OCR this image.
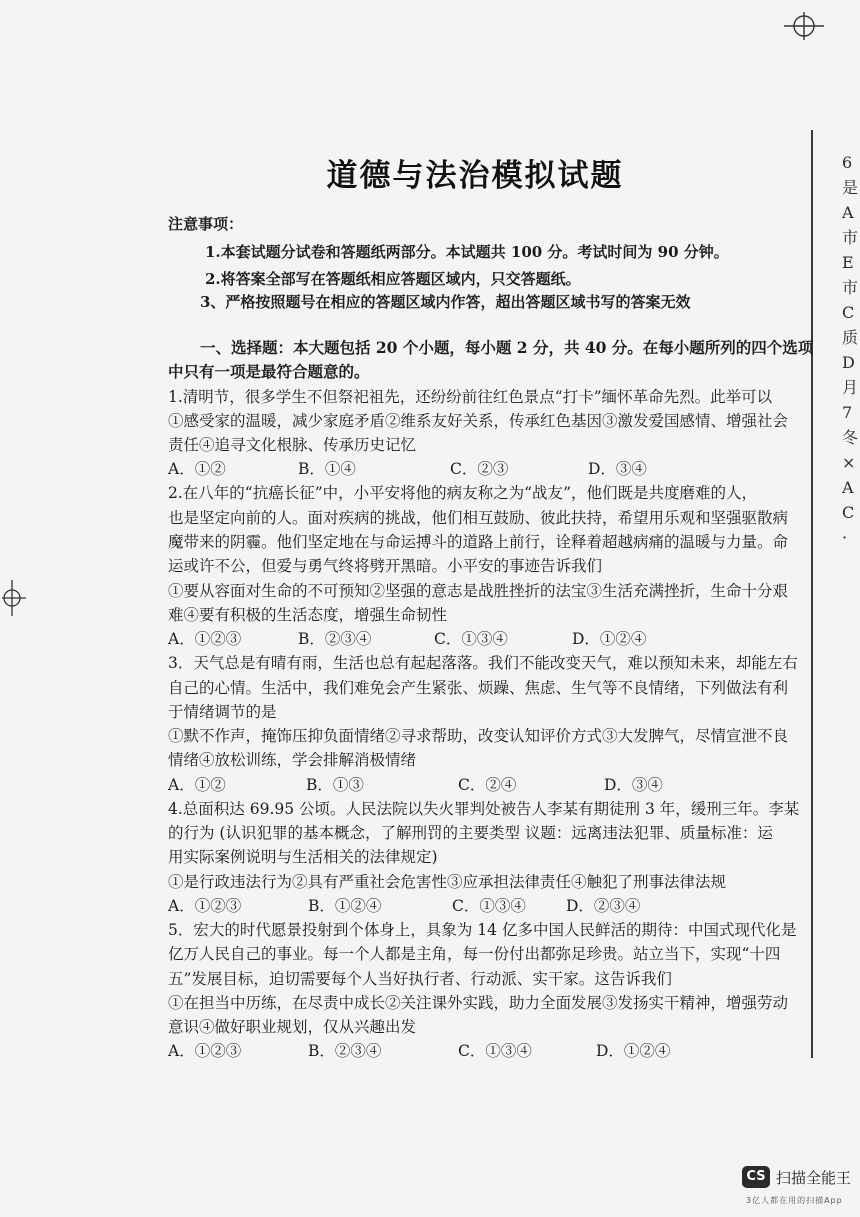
6
是
A
市
E
市
C
质
D
月
7
冬
×
A
C
·
道德与法治模拟试题
注意事项：
1.本套试题分试卷和答题纸两部分。本试题共 100 分。考试时间为 90 分钟。
2.将答案全部写在答题纸相应答题区域内，只交答题纸。
3、严格按照题号在相应的答题区域内作答，超出答题区域书写的答案无效
一、选择题：本大题包括 20 个小题，每小题 2 分，共 40 分。在每小题所列的四个选项
中只有一项是最符合题意的。
1.清明节，很多学生不但祭祀祖先，还纷纷前往红色景点“打卡”缅怀革命先烈。此举可以
①感受家的温暖，减少家庭矛盾②维系友好关系，传承红色基因③激发爱国感情、增强社会
责任④追寻文化根脉、传承历史记忆
A．①②	B．①④	C．②③	D．③④
2.在八年的“抗癌长征”中，小平安将他的病友称之为“战友”，他们既是共度磨难的人，
也是坚定向前的人。面对疾病的挑战，他们相互鼓励、彼此扶持，希望用乐观和坚强驱散病
魔带来的阴霾。他们坚定地在与命运搏斗的道路上前行，诠释着超越病痛的温暖与力量。命
运或许不公，但爱与勇气终将劈开黑暗。小平安的事迹告诉我们
①要从容面对生命的不可预知②坚强的意志是战胜挫折的法宝③生活充满挫折，生命十分艰
难④要有积极的生活态度，增强生命韧性
A．①②③	B．②③④	C．①③④	D．①②④
3．天气总是有晴有雨，生活也总有起起落落。我们不能改变天气，难以预知未来，却能左右
自己的心情。生活中，我们难免会产生紧张、烦躁、焦虑、生气等不良情绪，下列做法有利
于情绪调节的是
①默不作声，掩饰压抑负面情绪②寻求帮助，改变认知评价方式③大发脾气，尽情宣泄不良
情绪④放松训练，学会排解消极情绪
A．①②	B．①③	C．②④	D．③④
4.总面积达 69.95 公顷。人民法院以失火罪判处被告人李某有期徒刑 3 年，缓刑三年。李某
的行为 (认识犯罪的基本概念，了解刑罚的主要类型 议题：远离违法犯罪、质量标准：运
用实际案例说明与生活相关的法律规定)
①是行政违法行为②具有严重社会危害性③应承担法律责任④触犯了刑事法律法规
A．①②③	B．①②④	C．①③④	D．②③④
5．宏大的时代愿景投射到个体身上，具象为 14 亿多中国人民鲜活的期待：中国式现代化是
亿万人民自己的事业。每一个人都是主角，每一份付出都弥足珍贵。站立当下，实现“十四
五”发展目标，迫切需要每个人当好执行者、行动派、实干家。这告诉我们
①在担当中历练，在尽责中成长②关注课外实践，助力全面发展③发扬实干精神，增强劳动
意识④做好职业规划，仅从兴趣出发
A．①②③	B．②③④	C．①③④	D．①②④
CS 扫描全能王
3亿人都在用的扫描App
